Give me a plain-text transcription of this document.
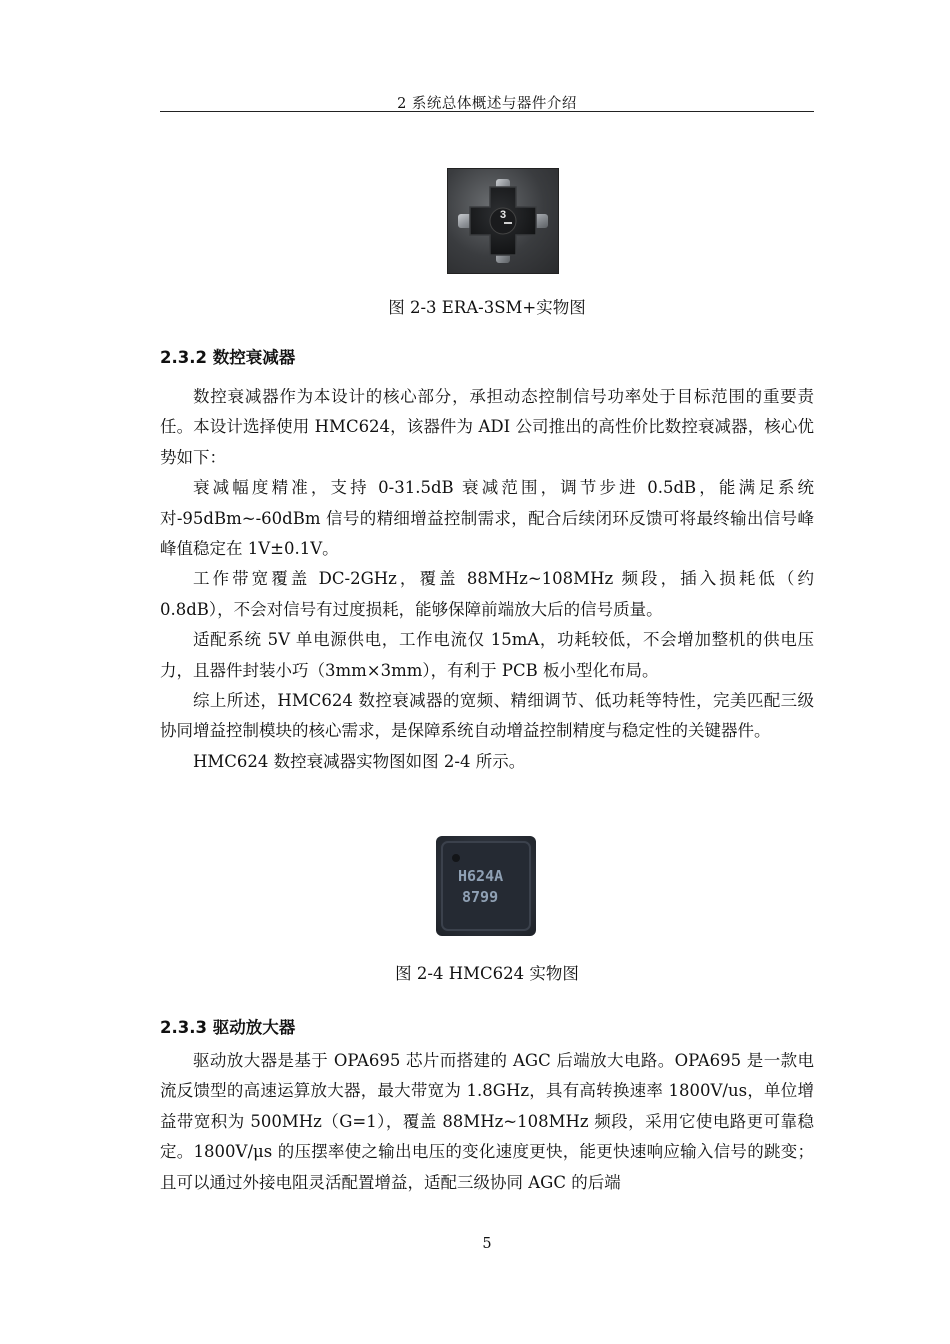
2 系统总体概述与器件介绍
3
图 2-3 ERA-3SM+实物图
2.3.2 数控衰减器

数控衰减器作为本设计的核心部分，承担动态控制信号功率处于目标范围的重要责任。本设计选择使用 HMC624，该器件为 ADI 公司推出的高性价比数控衰减器，核心优势如下：

衰减幅度精准，支持 0-31.5dB 衰减范围，调节步进 0.5dB，能满足系统对-95dBm~-60dBm 信号的精细增益控制需求，配合后续闭环反馈可将最终输出信号峰峰值稳定在 1V±0.1V。

工作带宽覆盖 DC-2GHz，覆盖 88MHz~108MHz 频段，插入损耗低（约 0.8dB），不会对信号有过度损耗，能够保障前端放大后的信号质量。

适配系统 5V 单电源供电，工作电流仅 15mA，功耗较低，不会增加整机的供电压力，且器件封装小巧（3mm×3mm），有利于 PCB 板小型化布局。

综上所述，HMC624 数控衰减器的宽频、精细调节、低功耗等特性，完美匹配三级协同增益控制模块的核心需求，是保障系统自动增益控制精度与稳定性的关键器件。

HMC624 数控衰减器实物图如图 2-4 所示。

H624A
8799
图 2-4 HMC624 实物图
2.3.3 驱动放大器

驱动放大器是基于 OPA695 芯片而搭建的 AGC 后端放大电路。OPA695 是一款电流反馈型的高速运算放大器，最大带宽为 1.8GHz，具有高转换速率 1800V/us，单位增益带宽积为 500MHz（G=1），覆盖 88MHz~108MHz 频段，采用它使电路更可靠稳定。1800V/μs 的压摆率使之输出电压的变化速度更快，能更快速响应输入信号的跳变；且可以通过外接电阻灵活配置增益，适配三级协同 AGC 的后端

5
